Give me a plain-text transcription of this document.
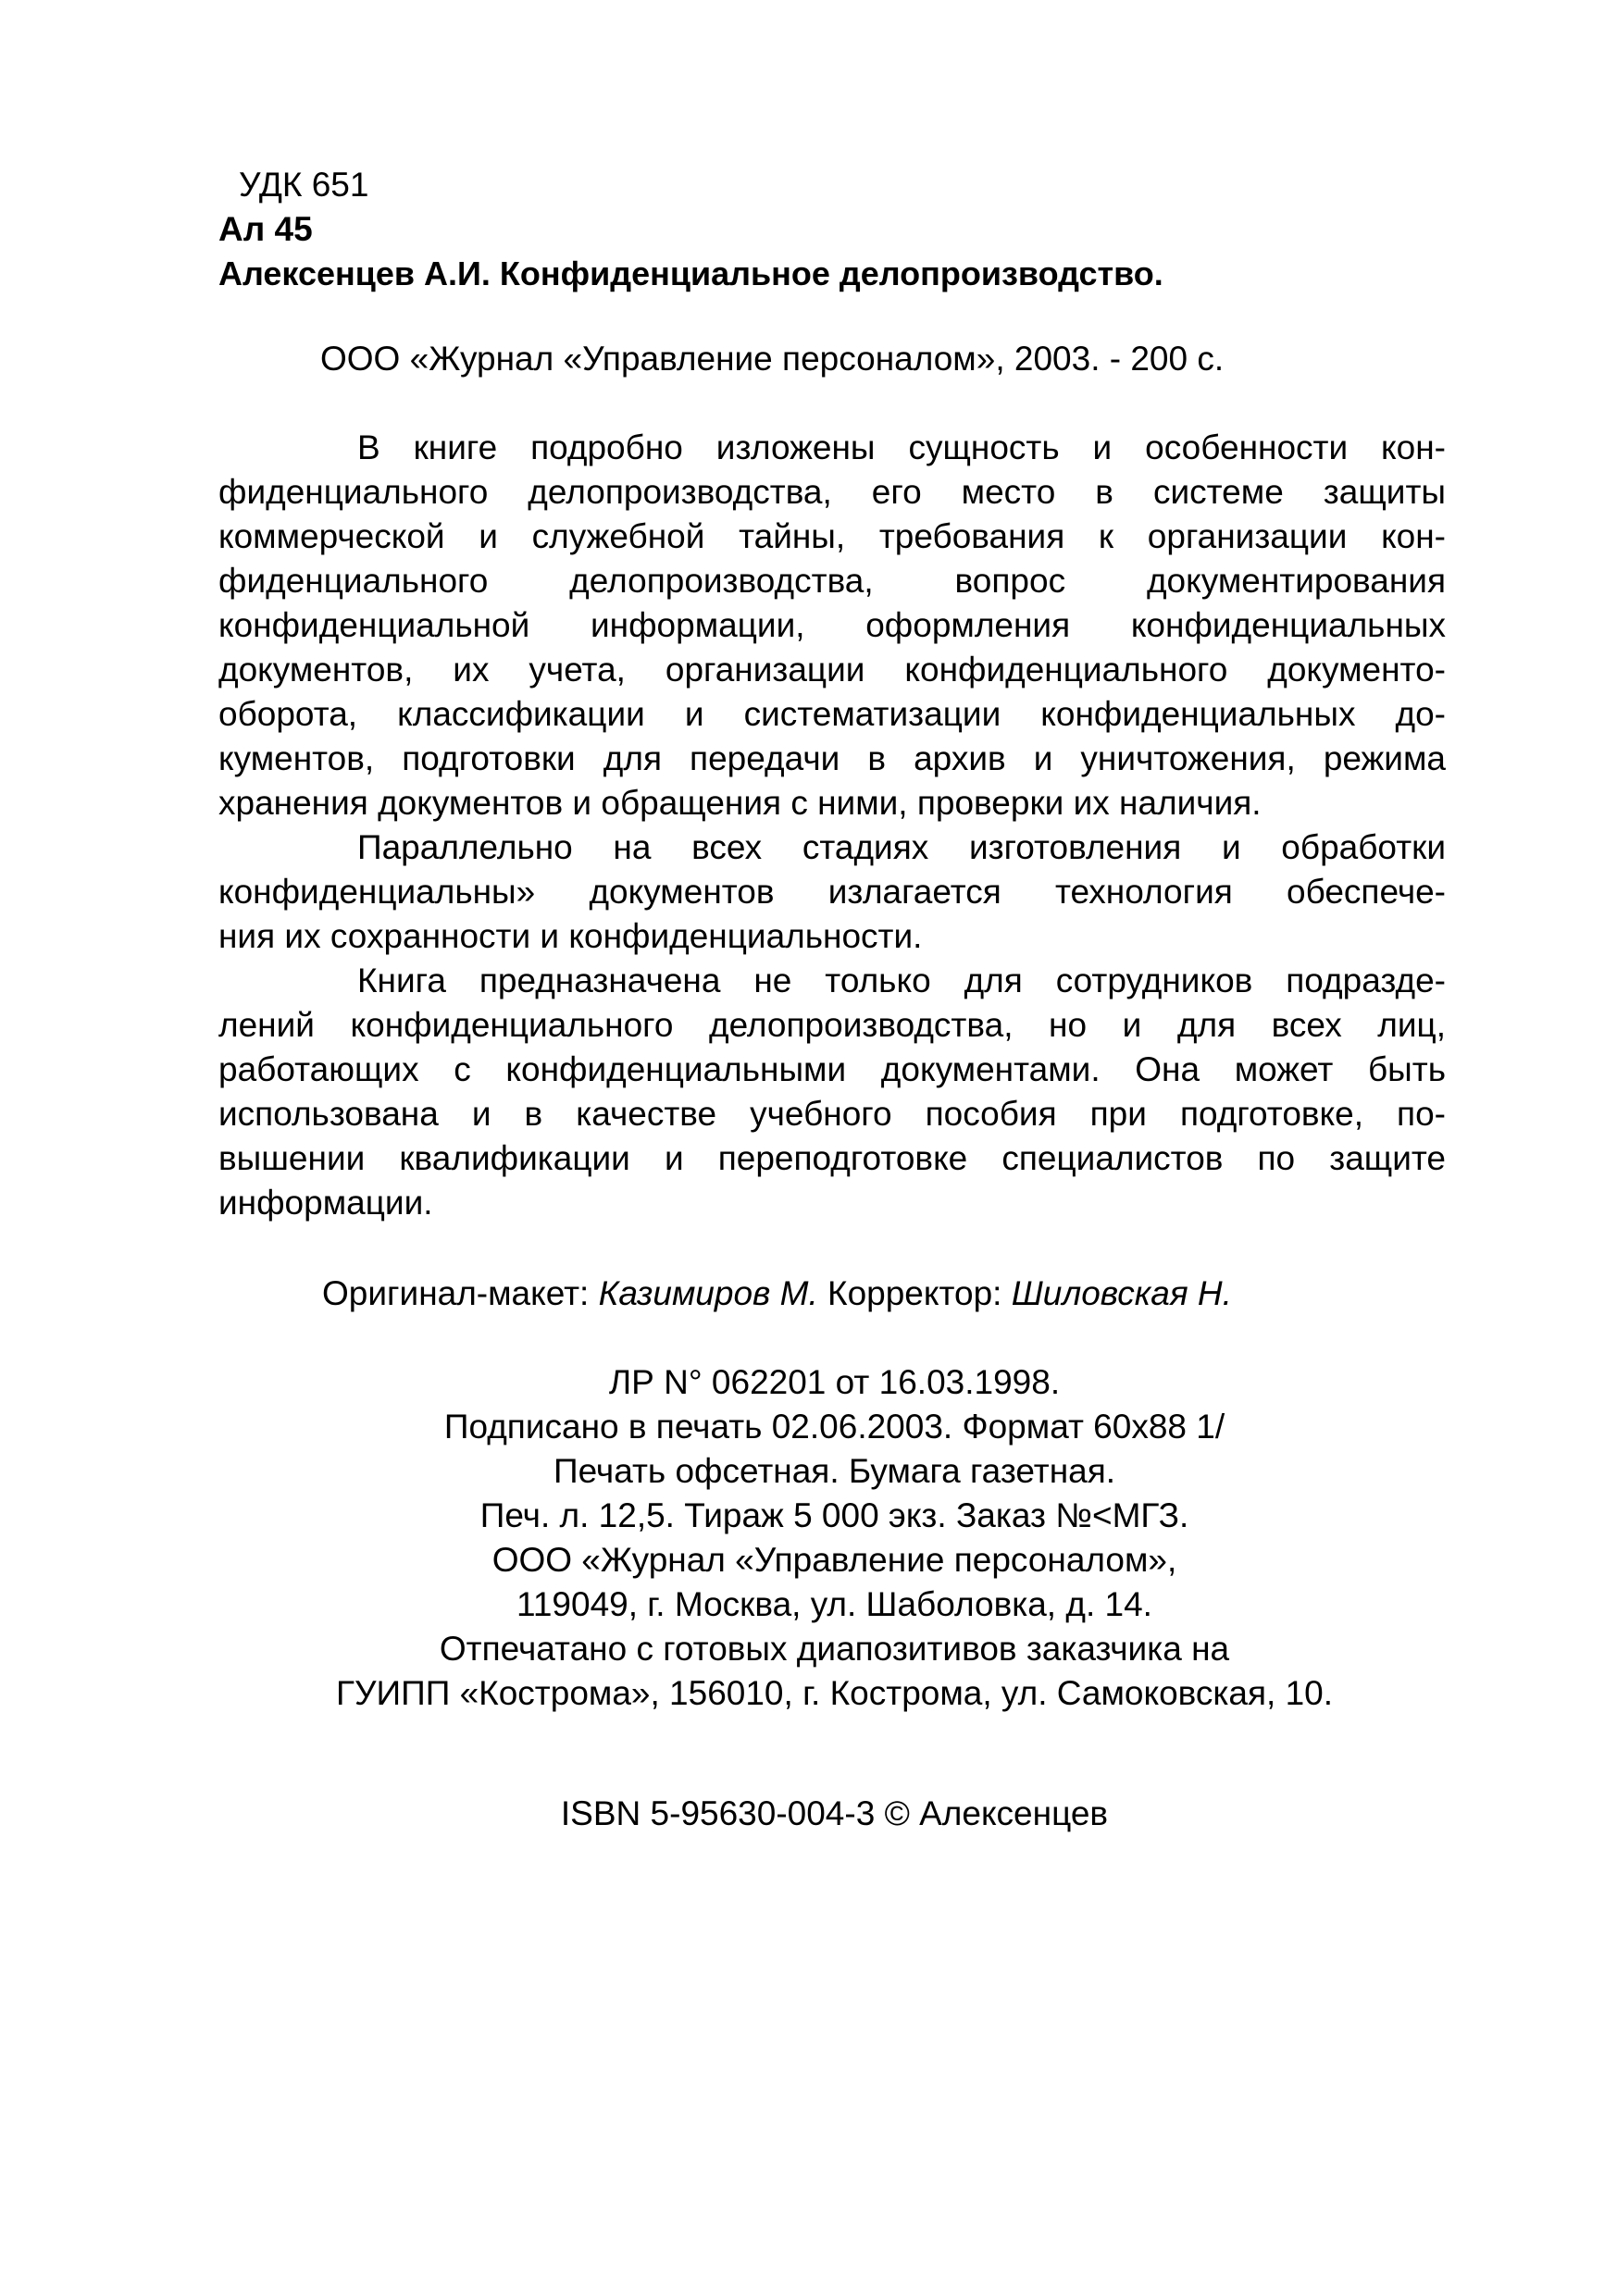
УДК 651
Ал 45
Алексенцев А.И. Конфиденциальное делопроизводство.
ООО «Журнал «Управление персоналом», 2003. - 200 с.
В книге подробно изложены сущность и особенности кон-
фиденциального делопроизводства, его место в системе защиты
коммерческой и служебной тайны, требования к организации кон-
фиденциального делопроизводства, вопрос документирования
конфиденциальной информации, оформления конфиденциальных
документов, их учета, организации конфиденциального документо-
оборота, классификации и систематизации конфиденциальных до-
кументов, подготовки для передачи в архив и уничтожения, режима
хранения документов и обращения с ними, проверки их наличия.
Параллельно на всех стадиях изготовления и обработки
конфиденциальны» документов излагается технология обеспече-
ния их сохранности и конфиденциальности.
Книга предназначена не только для сотрудников подразде-
лений конфиденциального делопроизводства, но и для всех лиц,
работающих с конфиденциальными документами. Она может быть
использована и в качестве учебного пособия при подготовке, по-
вышении квалификации и переподготовке специалистов по защите
информации.
Оригинал-макет: Казимиров М. Корректор: Шиловская Н.
ЛР N° 062201 от 16.03.1998.
Подписано в печать 02.06.2003. Формат 60x88 1/
Печать офсетная. Бумага газетная.
Печ. л. 12,5. Тираж 5 000 экз. Заказ №<МГЗ.
ООО «Журнал «Управление персоналом»,
119049, г. Москва, ул. Шаболовка, д. 14.
Отпечатано с готовых диапозитивов заказчика на
ГУИПП «Кострома», 156010, г. Кострома, ул. Самоковская, 10.
ISBN 5-95630-004-3 © Алексенцев
